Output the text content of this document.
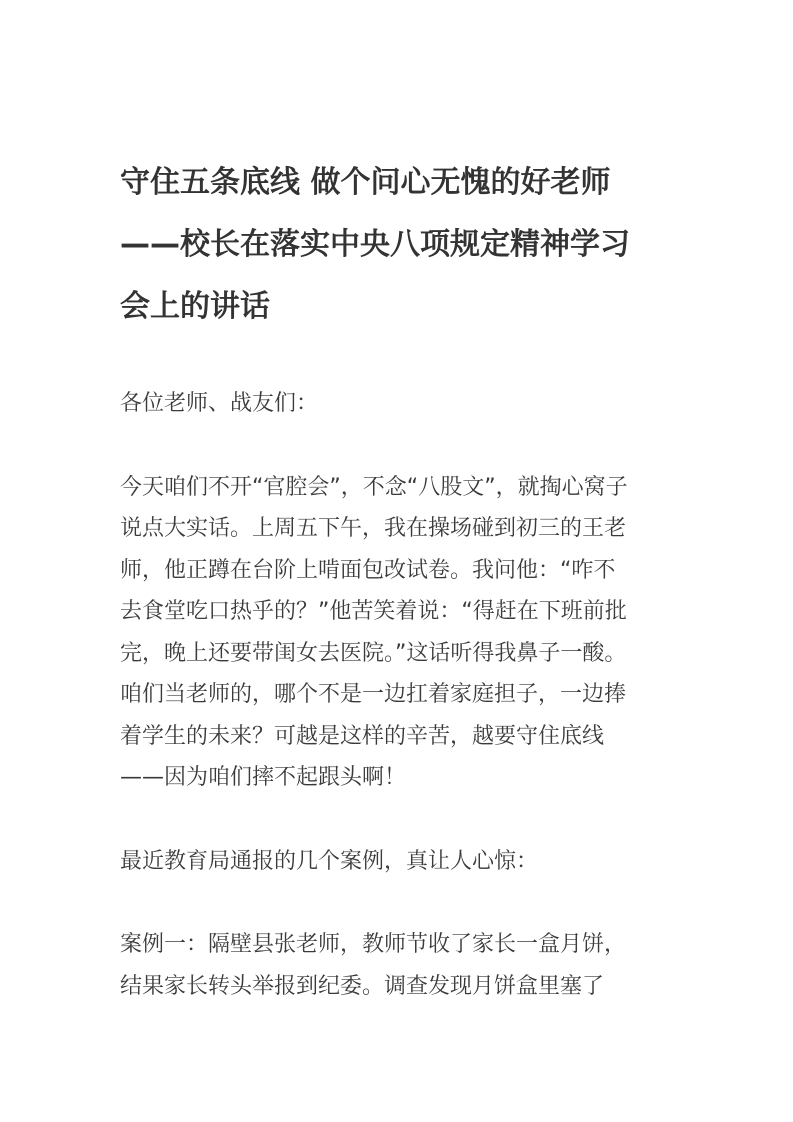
守住五条底线 做个问心无愧的好老师
——校长在落实中央八项规定精神学习
会上的讲话

各位老师、战友们：

今天咱们不开“官腔会”，不念“八股文”，就掏心窝子
说点大实话。上周五下午，我在操场碰到初三的王老
师，他正蹲在台阶上啃面包改试卷。我问他：“咋不
去食堂吃口热乎的？”他苦笑着说：“得赶在下班前批
完，晚上还要带闺女去医院。”这话听得我鼻子一酸。
咱们当老师的，哪个不是一边扛着家庭担子，一边捧
着学生的未来？可越是这样的辛苦，越要守住底线
——因为咱们摔不起跟头啊！

最近教育局通报的几个案例，真让人心惊：

案例一：隔壁县张老师，教师节收了家长一盒月饼，
结果家长转头举报到纪委。调查发现月饼盒里塞了
